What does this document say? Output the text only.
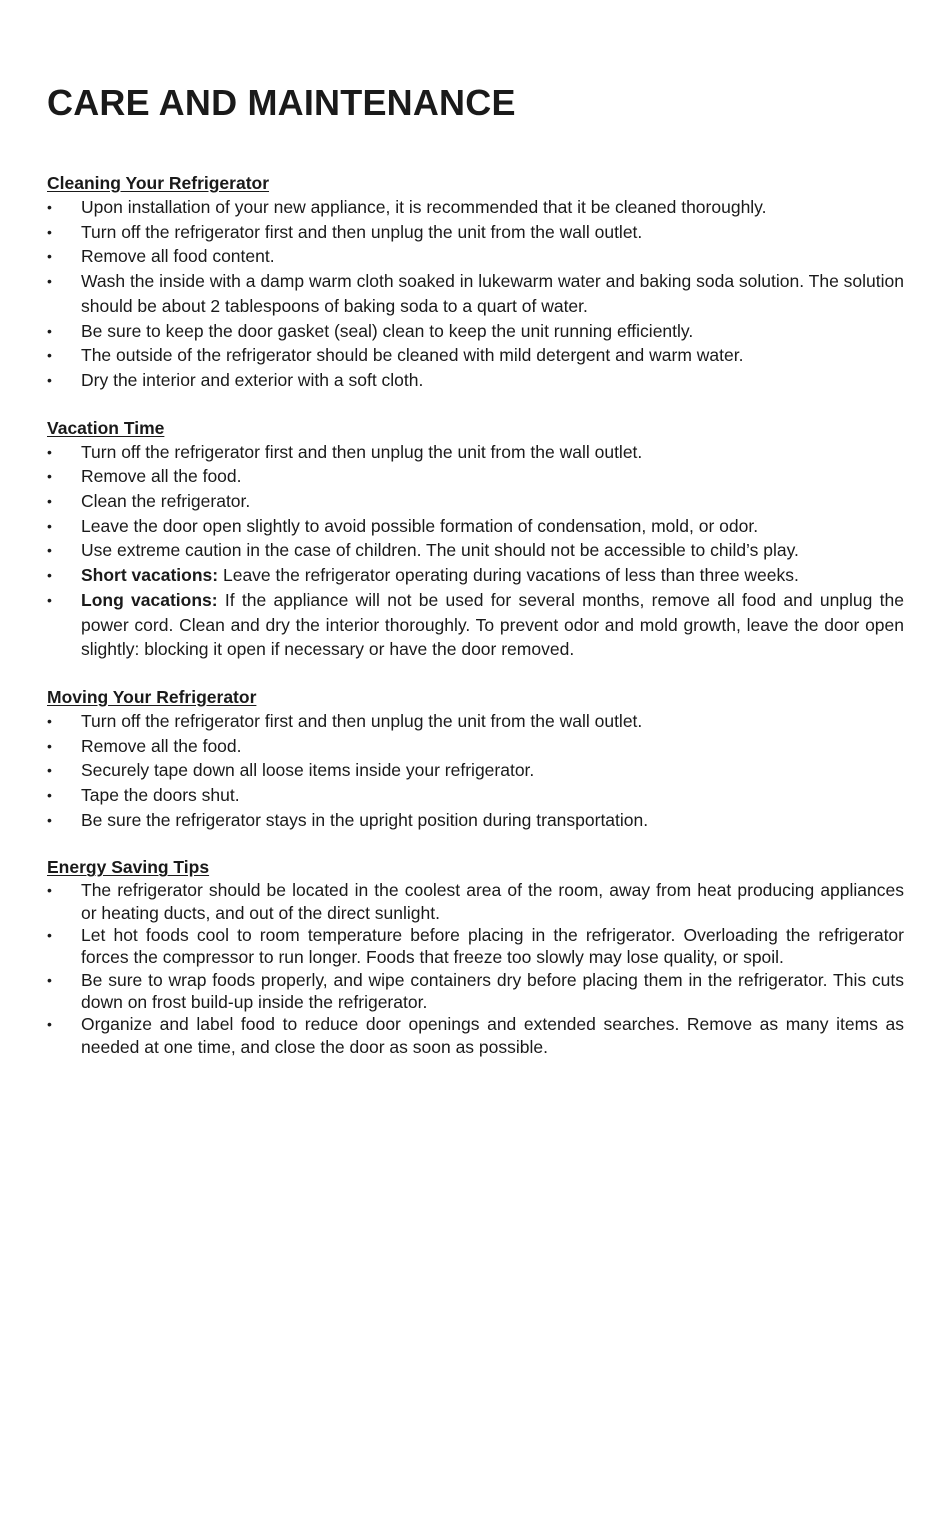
CARE AND MAINTENANCE
Cleaning Your Refrigerator
• Upon installation of your new appliance, it is recommended that it be cleaned thoroughly.
• Turn off the refrigerator first and then unplug the unit from the wall outlet.
• Remove all food content.
• Wash the inside with a damp warm cloth soaked in lukewarm water and baking soda solution. The solution should be about 2 tablespoons of baking soda to a quart of water.
• Be sure to keep the door gasket (seal) clean to keep the unit running efficiently.
• The outside of the refrigerator should be cleaned with mild detergent and warm water.
• Dry the interior and exterior with a soft cloth.
Vacation Time
• Turn off the refrigerator first and then unplug the unit from the wall outlet.
• Remove all the food.
• Clean the refrigerator.
• Leave the door open slightly to avoid possible formation of condensation, mold, or odor.
• Use extreme caution in the case of children. The unit should not be accessible to child’s play.
• Short vacations: Leave the refrigerator operating during vacations of less than three weeks.
• Long vacations: If the appliance will not be used for several months, remove all food and unplug the power cord. Clean and dry the interior thoroughly. To prevent odor and mold growth, leave the door open slightly: blocking it open if necessary or have the door removed.
Moving Your Refrigerator
• Turn off the refrigerator first and then unplug the unit from the wall outlet.
• Remove all the food.
• Securely tape down all loose items inside your refrigerator.
• Tape the doors shut.
• Be sure the refrigerator stays in the upright position during transportation.
Energy Saving Tips
• The refrigerator should be located in the coolest area of the room, away from heat producing appliances or heating ducts, and out of the direct sunlight.
• Let hot foods cool to room temperature before placing in the refrigerator. Overloading the refrigerator forces the compressor to run longer. Foods that freeze too slowly may lose quality, or spoil.
• Be sure to wrap foods properly, and wipe containers dry before placing them in the refrigerator. This cuts down on frost build-up inside the refrigerator.
• Organize and label food to reduce door openings and extended searches. Remove as many items as needed at one time, and close the door as soon as possible.
